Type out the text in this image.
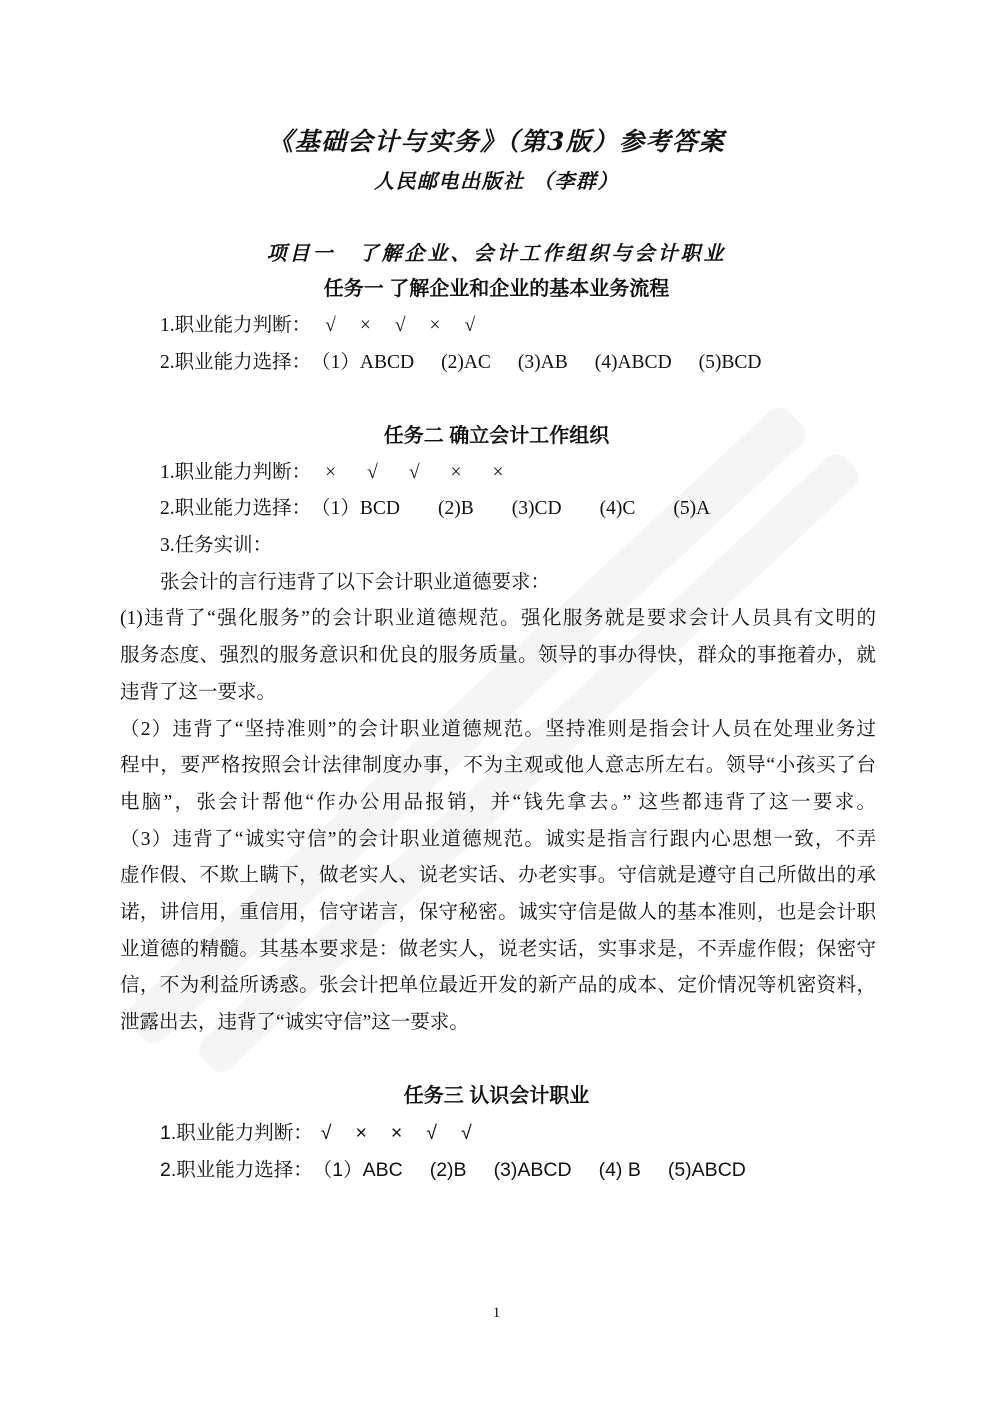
《基础会计与实务》（第3版）参考答案
人民邮电出版社 （李群）
项目一　了解企业、会计工作组织与会计职业
任务一 了解企业和企业的基本业务流程
1.职业能力判断： √ × √ × √
2.职业能力选择： （1）ABCD (2)AC (3)AB (4)ABCD (5)BCD
任务二 确立会计工作组织
1.职业能力判断： × √ √ × ×
2.职业能力选择： （1）BCD (2)B (3)CD (4)C (5)A
3.任务实训：
张会计的言行违背了以下会计职业道德要求：
(1)违背了“强化服务”的会计职业道德规范。强化服务就是要求会计人员具有文明的
服务态度、强烈的服务意识和优良的服务质量。领导的事办得快，群众的事拖着办，就
违背了这一要求。
（2）违背了“坚持准则”的会计职业道德规范。坚持准则是指会计人员在处理业务过
程中，要严格按照会计法律制度办事，不为主观或他人意志所左右。领导“小孩买了台
电脑”，张会计帮他“作办公用品报销，并“钱先拿去。” 这些都违背了这一要求。
（3）违背了“诚实守信”的会计职业道德规范。诚实是指言行跟内心思想一致，不弄
虚作假、不欺上瞒下，做老实人、说老实话、办老实事。守信就是遵守自己所做出的承
诺，讲信用，重信用，信守诺言，保守秘密。诚实守信是做人的基本准则，也是会计职
业道德的精髓。其基本要求是：做老实人，说老实话，实事求是，不弄虚作假；保密守
信，不为利益所诱惑。张会计把单位最近开发的新产品的成本、定价情况等机密资料，
泄露出去，违背了“诚实守信”这一要求。
任务三 认识会计职业
1.职业能力判断： √ × × √ √
2.职业能力选择： （1）ABC (2)B (3)ABCD (4) B (5)ABCD
1
